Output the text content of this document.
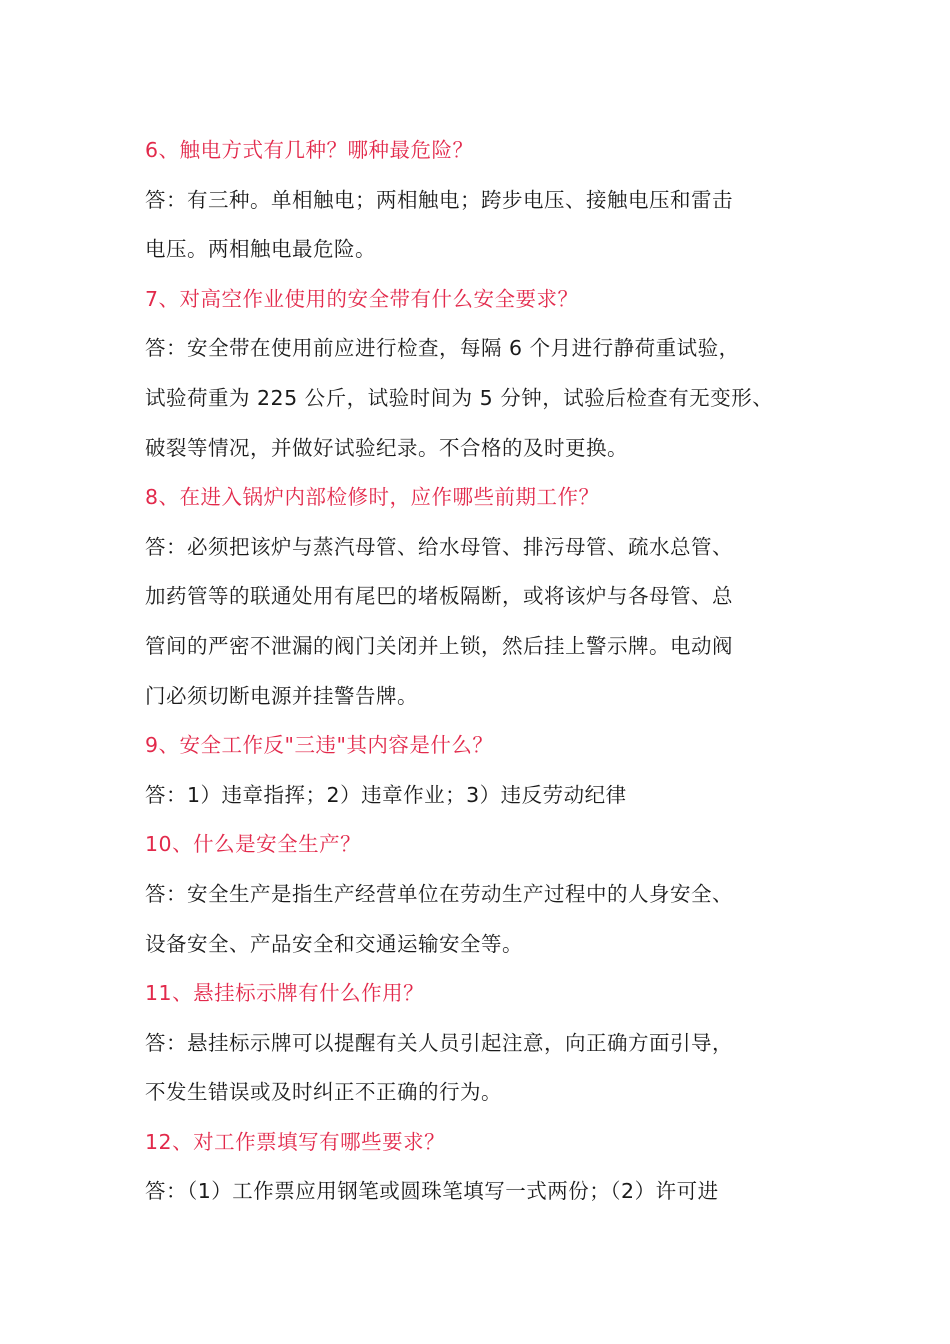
6、触电方式有几种？哪种最危险？
答：有三种。单相触电；两相触电；跨步电压、接触电压和雷击
电压。两相触电最危险。
7、对高空作业使用的安全带有什么安全要求？
答：安全带在使用前应进行检查，每隔 6 个月进行静荷重试验，
试验荷重为 225 公斤，试验时间为 5 分钟，试验后检查有无变形、
破裂等情况，并做好试验纪录。不合格的及时更换。
8、在进入锅炉内部检修时，应作哪些前期工作？
答：必须把该炉与蒸汽母管、给水母管、排污母管、疏水总管、
加药管等的联通处用有尾巴的堵板隔断，或将该炉与各母管、总
管间的严密不泄漏的阀门关闭并上锁，然后挂上警示牌。电动阀
门必须切断电源并挂警告牌。
9、安全工作反"三违"其内容是什么？
答：1）违章指挥；2）违章作业；3）违反劳动纪律
10、什么是安全生产？
答：安全生产是指生产经营单位在劳动生产过程中的人身安全、
设备安全、产品安全和交通运输安全等。
11、悬挂标示牌有什么作用？
答：悬挂标示牌可以提醒有关人员引起注意，向正确方面引导，
不发生错误或及时纠正不正确的行为。
12、对工作票填写有哪些要求？
答：（1）工作票应用钢笔或圆珠笔填写一式两份；（2）许可进
